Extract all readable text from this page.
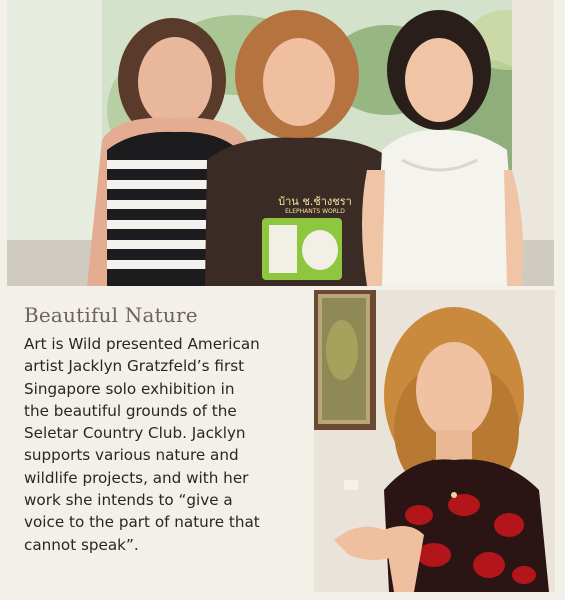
บ้าน ช.ช้างชรา
ELEPHANTS WORLD
Beautiful Nature
Art is Wild presented American
artist Jacklyn Gratzfeld’s first
Singapore solo exhibition in
the beautiful grounds of the
Seletar Country Club. Jacklyn
supports various nature and
wildlife projects, and with her
work she intends to “give a
voice to the part of nature that
cannot speak”.
